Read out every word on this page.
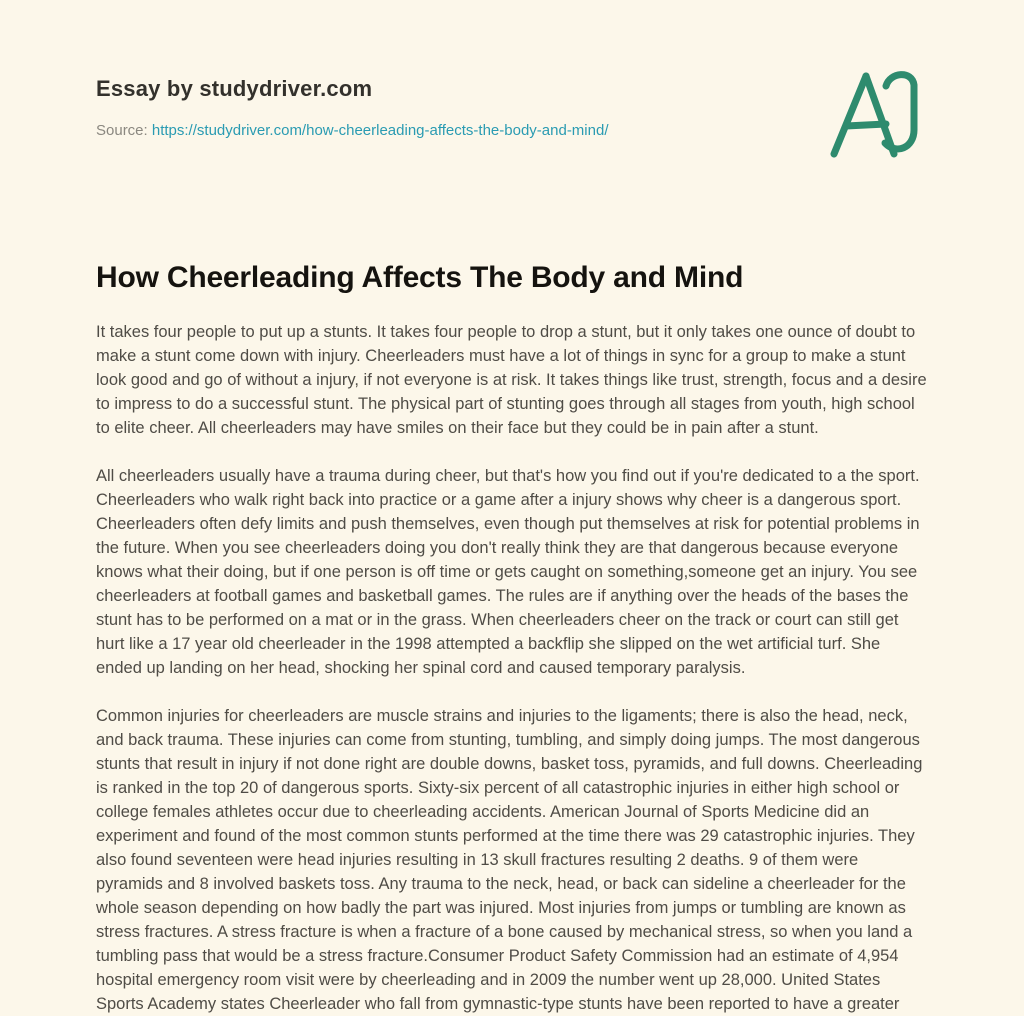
Essay by studydriver.com
Source: https://studydriver.com/how-cheerleading-affects-the-body-and-mind/
How Cheerleading Affects The Body and Mind

It takes four people to put up a stunts. It takes four people to drop a stunt, but it only takes one ounce of doubt to make a stunt come down with injury. Cheerleaders must have a lot of things in sync for a group to make a stunt look good and go of without a injury, if not everyone is at risk. It takes things like trust, strength, focus and a desire to impress to do a successful stunt. The physical part of stunting goes through all stages from youth, high school to elite cheer. All cheerleaders may have smiles on their face but they could be in pain after a stunt.

All cheerleaders usually have a trauma during cheer, but that's how you find out if you're dedicated to a the sport. Cheerleaders who walk right back into practice or a game after a injury shows why cheer is a dangerous sport. Cheerleaders often defy limits and push themselves, even though put themselves at risk for potential problems in the future. When you see cheerleaders doing you don't really think they are that dangerous because everyone knows what their doing, but if one person is off time or gets caught on something,someone get an injury. You see cheerleaders at football games and basketball games. The rules are if anything over the heads of the bases the stunt has to be performed on a mat or in the grass. When cheerleaders cheer on the track or court can still get hurt like a 17 year old cheerleader in the 1998 attempted a backflip she slipped on the wet artificial turf. She ended up landing on her head, shocking her spinal cord and caused temporary paralysis.

Common injuries for cheerleaders are muscle strains and injuries to the ligaments; there is also the head, neck, and back trauma. These injuries can come from stunting, tumbling, and simply doing jumps. The most dangerous stunts that result in injury if not done right are double downs, basket toss, pyramids, and full downs. Cheerleading is ranked in the top 20 of dangerous sports. Sixty-six percent of all catastrophic injuries in either high school or college females athletes occur due to cheerleading accidents. American Journal of Sports Medicine did an experiment and found of the most common stunts performed at the time there was 29 catastrophic injuries. They also found seventeen were head injuries resulting in 13 skull fractures resulting 2 deaths. 9 of them were pyramids and 8 involved baskets toss. Any trauma to the neck, head, or back can sideline a cheerleader for the whole season depending on how badly the part was injured. Most injuries from jumps or tumbling are known as stress fractures. A stress fracture is when a fracture of a bone caused by mechanical stress, so when you land a tumbling pass that would be a stress fracture.Consumer Product Safety Commission had an estimate of 4,954 hospital emergency room visit were by cheerleading and in 2009 the number went up 28,000. United States Sports Academy states Cheerleader who fall from gymnastic-type stunts have been reported to have a greater
